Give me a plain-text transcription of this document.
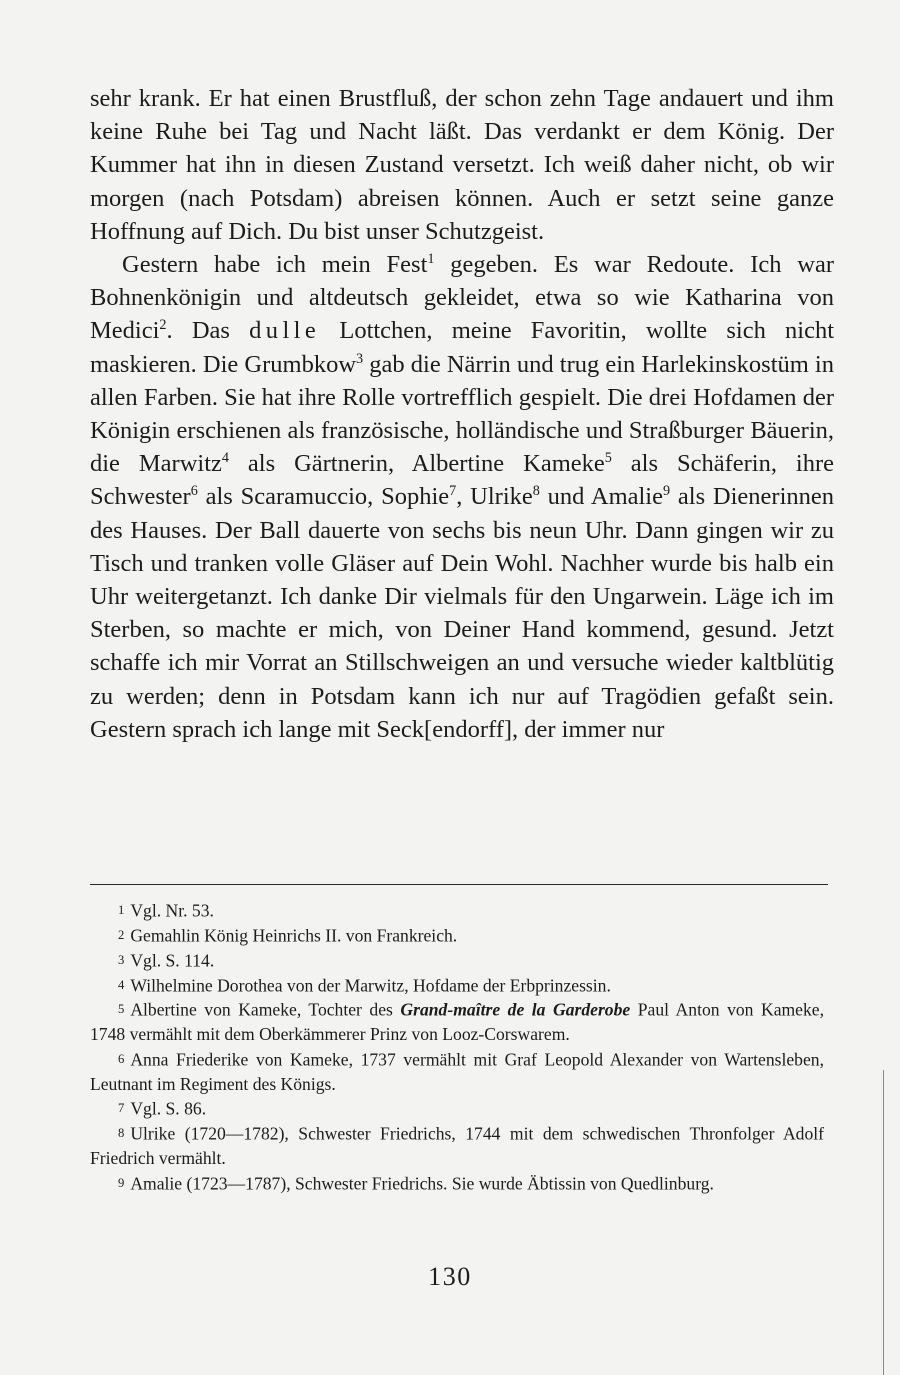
sehr krank. Er hat einen Brustfluß, der schon zehn Tage andauert und ihm keine Ruhe bei Tag und Nacht läßt. Das verdankt er dem König. Der Kummer hat ihn in diesen Zustand versetzt. Ich weiß daher nicht, ob wir morgen (nach Potsdam) abreisen können. Auch er setzt seine ganze Hoffnung auf Dich. Du bist unser Schutzgeist.

Gestern habe ich mein Fest$^1$ gegeben. Es war Redoute. Ich war Bohnenkönigin und altdeutsch gekleidet, etwa so wie Katharina von Medici$^2$. Das dulle Lottchen, meine Favoritin, wollte sich nicht maskieren. Die Grumbkow$^3$ gab die Närrin und trug ein Harlekinskostüm in allen Farben. Sie hat ihre Rolle vortrefflich gespielt. Die drei Hofdamen der Königin erschienen als französische, holländische und Straßburger Bäuerin, die Marwitz$^4$ als Gärtnerin, Albertine Kameke$^5$ als Schäferin, ihre Schwester$^6$ als Scaramuccio, Sophie$^7$, Ulrike$^8$ und Amalie$^9$ als Dienerinnen des Hauses. Der Ball dauerte von sechs bis neun Uhr. Dann gingen wir zu Tisch und tranken volle Gläser auf Dein Wohl. Nachher wurde bis halb ein Uhr weitergetanzt. Ich danke Dir vielmals für den Ungarwein. Läge ich im Sterben, so machte er mich, von Deiner Hand kommend, gesund. Jetzt schaffe ich mir Vorrat an Stillschweigen an und versuche wieder kaltblütig zu werden; denn in Potsdam kann ich nur auf Tragödien gefaßt sein. Gestern sprach ich lange mit Seck[endorff], der immer nur

1 Vgl. Nr. 53.

2 Gemahlin König Heinrichs II. von Frankreich.

3 Vgl. S. 114.

4 Wilhelmine Dorothea von der Marwitz, Hofdame der Erbprinzessin.

5 Albertine von Kameke, Tochter des Grand-maître de la Garderobe Paul Anton von Kameke, 1748 vermählt mit dem Oberkämmerer Prinz von Looz-Corswarem.

6 Anna Friederike von Kameke, 1737 vermählt mit Graf Leopold Alexander von Wartensleben, Leutnant im Regiment des Königs.

7 Vgl. S. 86.

8 Ulrike (1720—1782), Schwester Friedrichs, 1744 mit dem schwedischen Thronfolger Adolf Friedrich vermählt.

9 Amalie (1723—1787), Schwester Friedrichs. Sie wurde Äbtissin von Quedlinburg.

130
